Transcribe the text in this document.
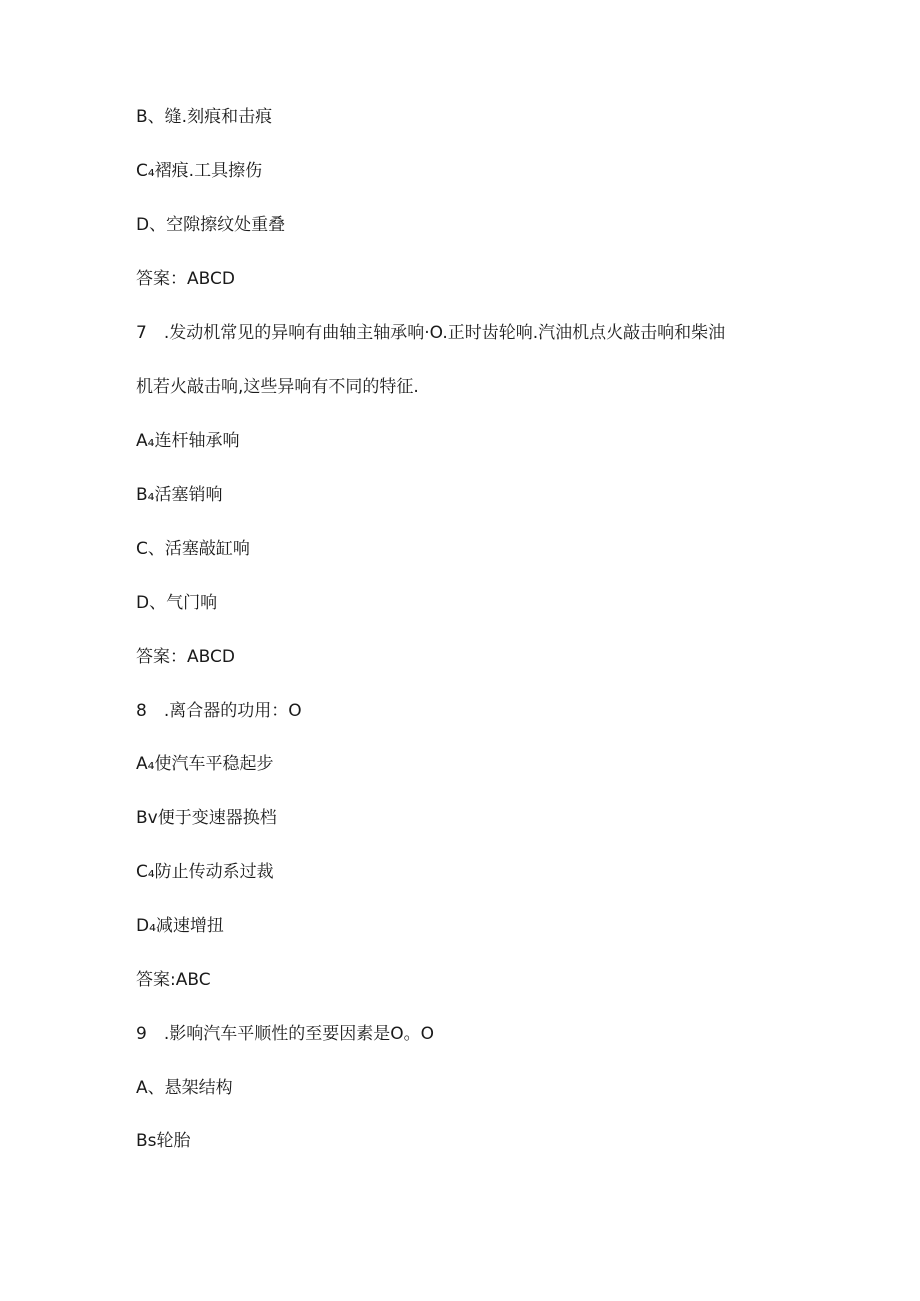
B、缝.刻痕和击痕
C₄褶痕.工具擦伤
D、空隙擦纹处重叠
答案：ABCD
7　.发动机常见的异响有曲轴主轴承响·O.正时齿轮响.汽油机点火敲击响和柴油
机若火敲击响,这些异响有不同的特征.
A₄连杆轴承响
B₄活塞销响
C、活塞敲缸响
D、气门响
答案：ABCD
8　.离合器的功用：O
A₄使汽车平稳起步
Bv便于变速器换档
C₄防止传动系过裁
D₄减速增扭
答案:ABC
9　.影响汽车平顺性的至要因素是O。O
A、悬架结构
Bs轮胎
